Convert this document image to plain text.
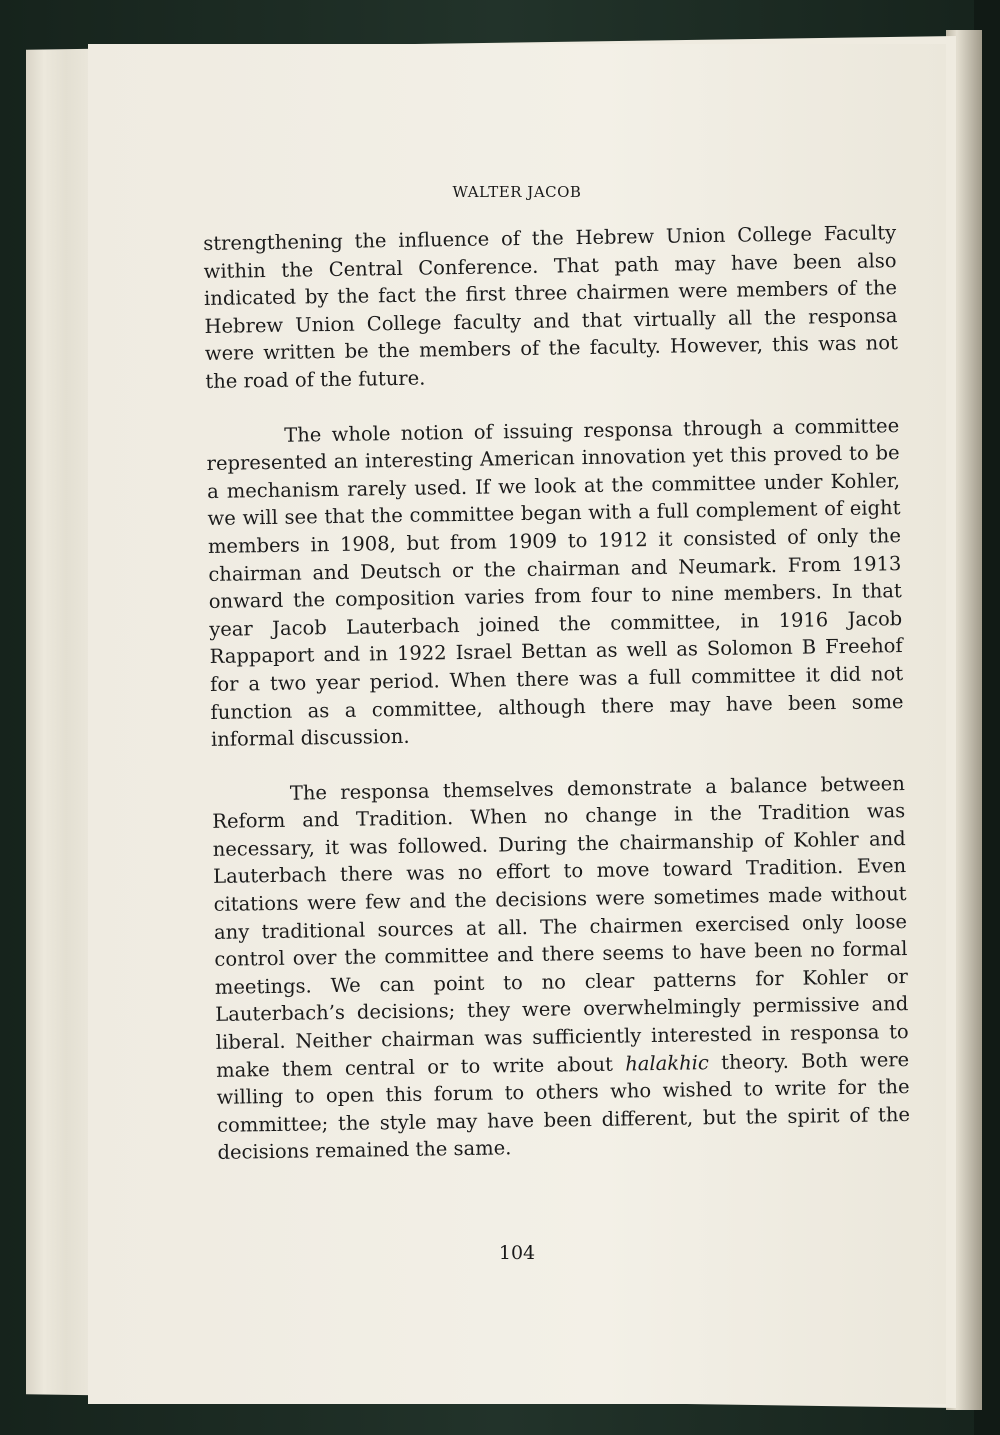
WALTER JACOB

strengthening the influence of the Hebrew Union College Faculty within the Central Conference. That path may have been also indicated by the fact the first three chairmen were members of the Hebrew Union College faculty and that virtually all the responsa were written be the members of the faculty. However, this was not the road of the future.

The whole notion of issuing responsa through a committee represented an interesting American innovation yet this proved to be a mechanism rarely used. If we look at the committee under Kohler, we will see that the committee began with a full complement of eight members in 1908, but from 1909 to 1912 it consisted of only the chairman and Deutsch or the chairman and Neumark. From 1913 onward the composition varies from four to nine members. In that year Jacob Lauterbach joined the committee, in 1916 Jacob Rappaport and in 1922 Israel Bettan as well as Solomon B Freehof for a two year period. When there was a full committee it did not function as a committee, although there may have been some informal discussion.

The responsa themselves demonstrate a balance between Reform and Tradition. When no change in the Tradition was necessary, it was followed. During the chairmanship of Kohler and Lauterbach there was no effort to move toward Tradition. Even citations were few and the decisions were sometimes made without any traditional sources at all. The chairmen exercised only loose control over the committee and there seems to have been no formal meetings. We can point to no clear patterns for Kohler or Lauterbach’s decisions; they were overwhelmingly permissive and liberal. Neither chairman was sufficiently interested in responsa to make them central or to write about halakhic theory. Both were willing to open this forum to others who wished to write for the committee; the style may have been different, but the spirit of the decisions remained the same.

104
